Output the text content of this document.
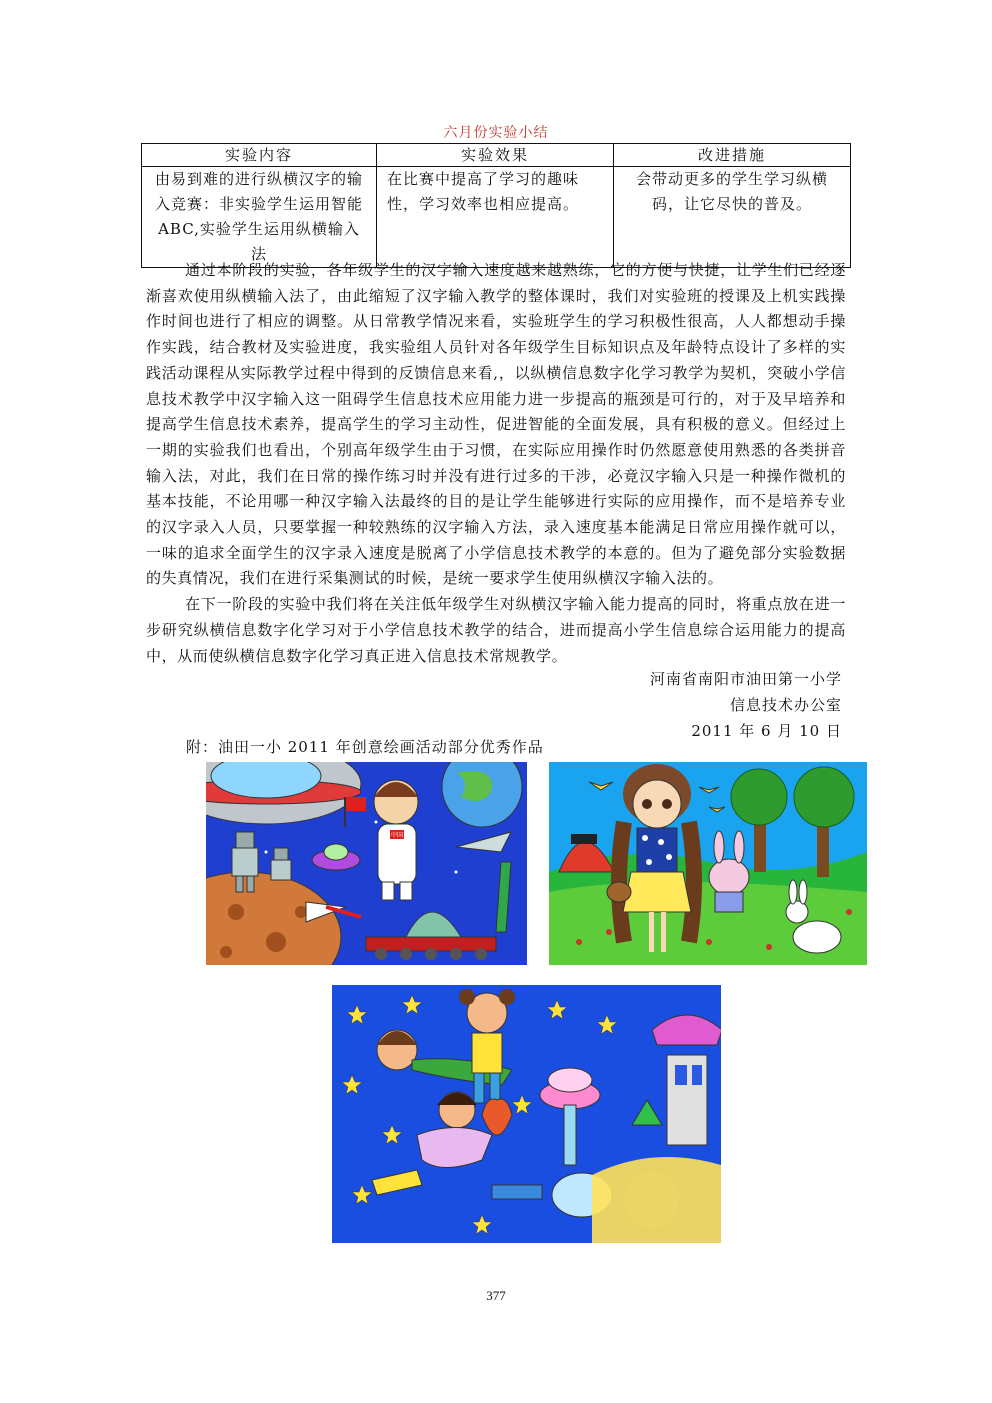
六月份实验小结
实验内容	实验效果	改进措施
由易到难的进行纵横汉字的输入竞赛：非实验学生运用智能 ABC,实验学生运用纵横输入法	在比赛中提高了学习的趣味性，学习效率也相应提高。	会带动更多的学生学习纵横码，让它尽快的普及。

通过本阶段的实验，各年级学生的汉字输入速度越来越熟练，它的方便与快捷，让学生们已经逐渐喜欢使用纵横输入法了，由此缩短了汉字输入教学的整体课时，我们对实验班的授课及上机实践操作时间也进行了相应的调整。从日常教学情况来看，实验班学生的学习积极性很高，人人都想动手操作实践，结合教材及实验进度，我实验组人员针对各年级学生目标知识点及年龄特点设计了多样的实践活动课程从实际教学过程中得到的反馈信息来看,，以纵横信息数字化学习教学为契机，突破小学信息技术教学中汉字输入这一阻碍学生信息技术应用能力进一步提高的瓶颈是可行的，对于及早培养和提高学生信息技术素养，提高学生的学习主动性，促进智能的全面发展，具有积极的意义。但经过上一期的实验我们也看出，个别高年级学生由于习惯，在实际应用操作时仍然愿意使用熟悉的各类拼音输入法，对此，我们在日常的操作练习时并没有进行过多的干涉，必竟汉字输入只是一种操作微机的基本技能，不论用哪一种汉字输入法最终的目的是让学生能够进行实际的应用操作，而不是培养专业的汉字录入人员，只要掌握一种较熟练的汉字输入方法，录入速度基本能满足日常应用操作就可以，一味的追求全面学生的汉字录入速度是脱离了小学信息技术教学的本意的。但为了避免部分实验数据的失真情况，我们在进行采集测试的时候，是统一要求学生使用纵横汉字输入法的。

在下一阶段的实验中我们将在关注低年级学生对纵横汉字输入能力提高的同时，将重点放在进一步研究纵横信息数字化学习对于小学信息技术教学的结合，进而提高小学生信息综合运用能力的提高中，从而使纵横信息数字化学习真正进入信息技术常规教学。

河南省南阳市油田第一小学
信息技术办公室
2011 年 6 月 10 日
附：油田一小 2011 年创意绘画活动部分优秀作品
中国
377
